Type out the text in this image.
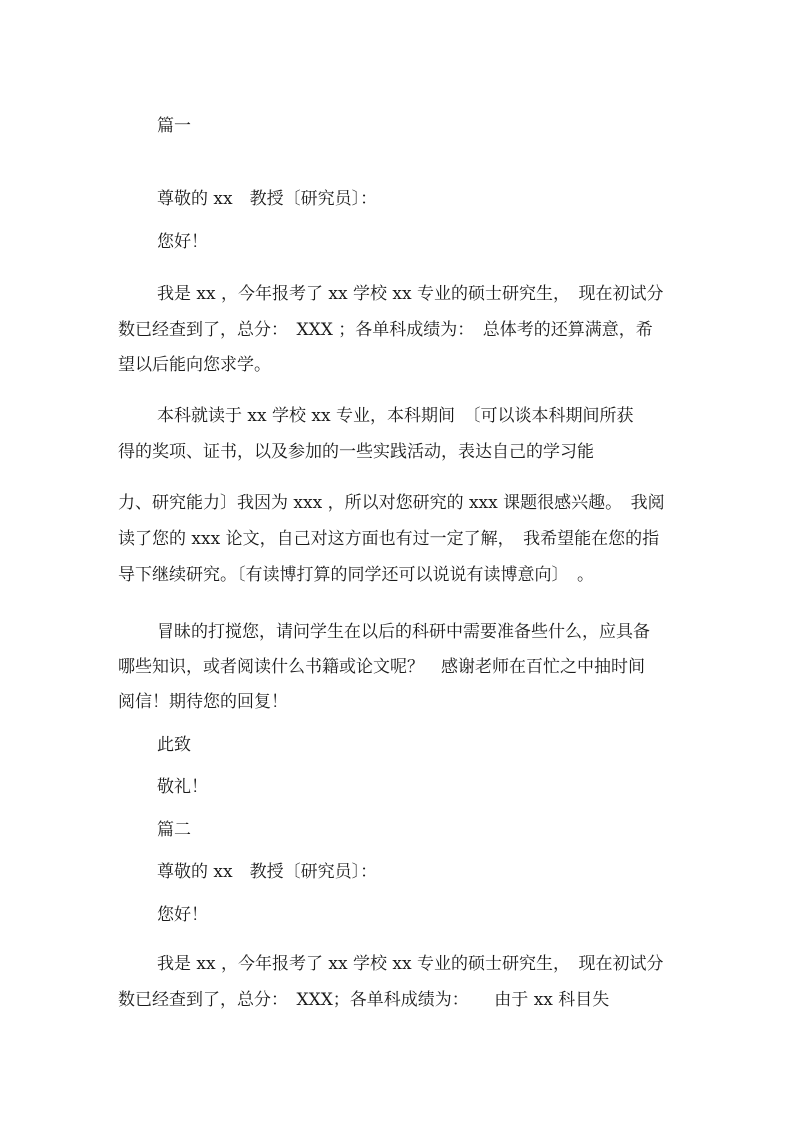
篇一
尊敬的 xx　教授〔研究员〕：
您好！
我是 xx ，今年报考了 xx 学校 xx 专业的硕士研究生，　现在初试分
数已经查到了，总分：　XXX ；各单科成绩为：　总体考的还算满意，希
望以后能向您求学。
本科就读于 xx 学校 xx 专业，本科期间　〔可以谈本科期间所获
得的奖项、证书，以及参加的一些实践活动，表达自己的学习能
力、研究能力〕我因为 xxx ，所以对您研究的 xxx 课题很感兴趣。　我阅
读了您的 xxx 论文，自己对这方面也有过一定了解，　我希望能在您的指
导下继续研究。〔有读博打算的同学还可以说说有读博意向〕　。
冒昧的打搅您，请问学生在以后的科研中需要准备些什么，应具备
哪些知识，或者阅读什么书籍或论文呢？　感谢老师在百忙之中抽时间
阅信！期待您的回复！
此致
敬礼！
篇二
尊敬的 xx　教授〔研究员〕：
您好！
我是 xx ，今年报考了 xx 学校 xx 专业的硕士研究生，　现在初试分
数已经查到了，总分：　XXX；各单科成绩为：　　由于 xx 科目失
